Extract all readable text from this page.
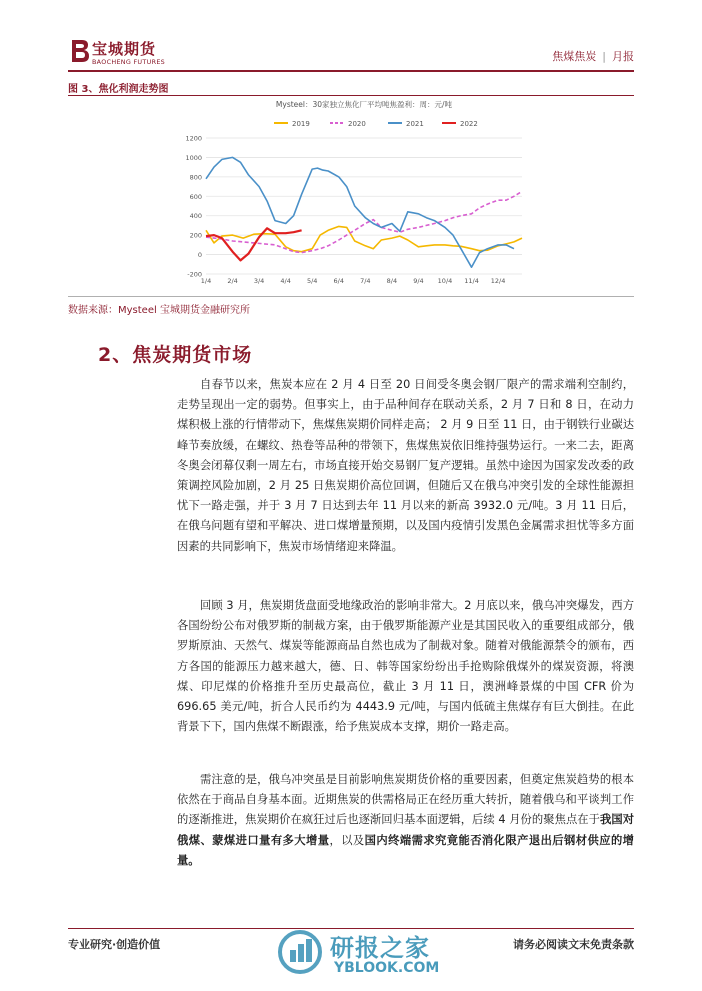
宝城期货
BAOCHENG FUTURES	焦煤焦炭 | 月报
图 3、焦化利润走势图
Mysteel：30家独立焦化厂平均吨焦盈利：周：元/吨
2019	2020	2021	2022
-200
0
200
400
600
800
1000
1200
1/4 2/4 3/4 4/4 5/4 6/4 7/4 8/4 9/4 10/4 11/4 12/4
数据来源：Mysteel 宝城期货金融研究所
2、焦炭期货市场

自春节以来，焦炭本应在 2 月 4 日至 20 日间受冬奥会钢厂限产的需求端利空制约，走势呈现出一定的弱势。但事实上，由于品种间存在联动关系，2 月 7 日和 8 日，在动力煤积极上涨的行情带动下，焦煤焦炭期价同样走高； 2 月 9 日至 11 日，由于钢铁行业碳达峰节奏放缓，在螺纹、热卷等品种的带领下，焦煤焦炭依旧维持强势运行。一来二去，距离冬奥会闭幕仅剩一周左右，市场直接开始交易钢厂复产逻辑。虽然中途因为国家发改委的政策调控风险加剧，2 月 25 日焦炭期价高位回调，但随后又在俄乌冲突引发的全球性能源担忧下一路走强，并于 3 月 7 日达到去年 11 月以来的新高 3932.0 元/吨。3 月 11 日后，在俄乌问题有望和平解决、进口煤增量预期，以及国内疫情引发黑色金属需求担忧等多方面因素的共同影响下，焦炭市场情绪迎来降温。

回顾 3 月，焦炭期货盘面受地缘政治的影响非常大。2 月底以来，俄乌冲突爆发，西方各国纷纷公布对俄罗斯的制裁方案，由于俄罗斯能源产业是其国民收入的重要组成部分，俄罗斯原油、天然气、煤炭等能源商品自然也成为了制裁对象。随着对俄能源禁令的颁布，西方各国的能源压力越来越大，德、日、韩等国家纷纷出手抢购除俄煤外的煤炭资源，将澳煤、印尼煤的价格推升至历史最高位，截止 3 月 11 日，澳洲峰景煤的中国 CFR 价为 696.65 美元/吨，折合人民币约为 4443.9 元/吨，与国内低硫主焦煤存有巨大倒挂。在此背景下下，国内焦煤不断跟涨，给予焦炭成本支撑，期价一路走高。

需注意的是，俄乌冲突虽是目前影响焦炭期货价格的重要因素，但奠定焦炭趋势的根本依然在于商品自身基本面。近期焦炭的供需格局正在经历重大转折，随着俄乌和平谈判工作的逐渐推进，焦炭期价在疯狂过后也逐渐回归基本面逻辑，后续 4 月份的聚焦点在于我国对俄煤、蒙煤进口量有多大增量，以及国内终端需求究竟能否消化限产退出后钢材供应的增量。

专业研究·创造价值	请务必阅读文末免责条款
研报之家
YBLOOK.COM
